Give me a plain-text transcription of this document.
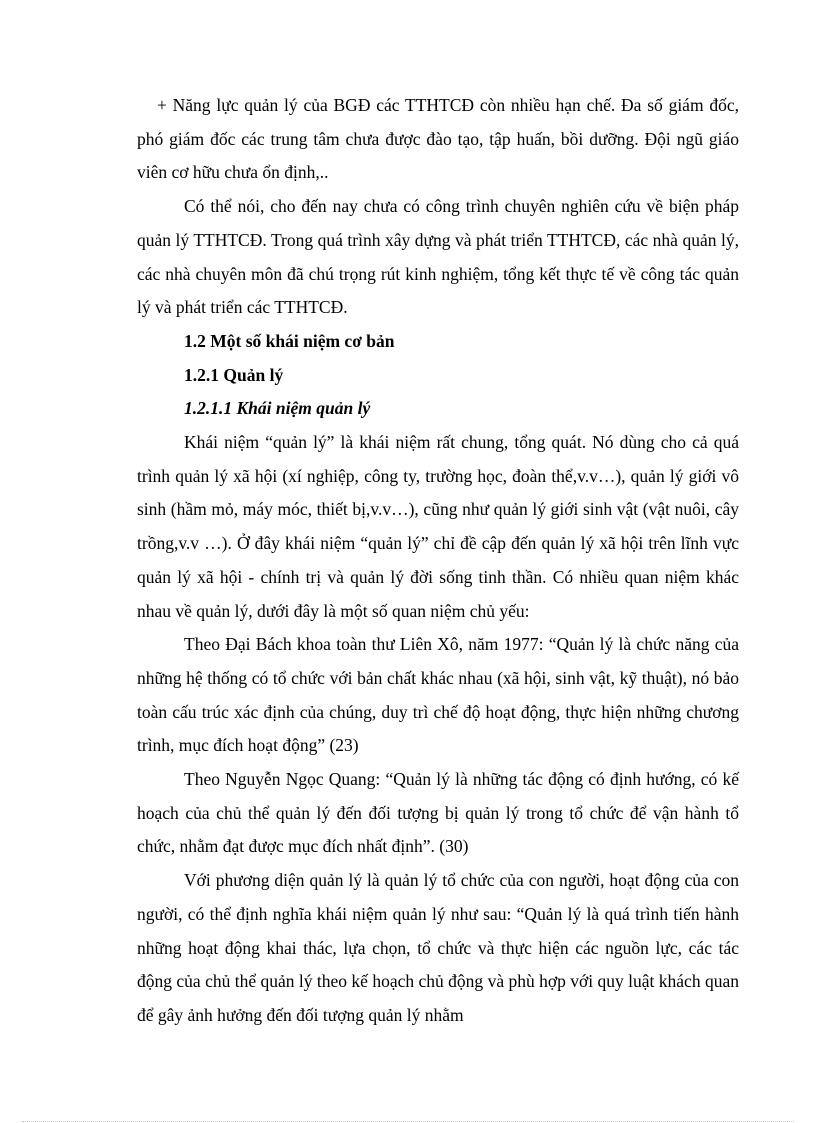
+ Năng lực quản lý của BGĐ các TTHTCĐ còn nhiều hạn chế. Đa số giám đốc, phó giám đốc các trung tâm chưa được đào tạo, tập huấn, bồi dưỡng. Đội ngũ giáo viên cơ hữu chưa ổn định,..

Có thể nói, cho đến nay chưa có công trình chuyên nghiên cứu về biện pháp quản lý TTHTCĐ. Trong quá trình xây dựng và phát triển TTHTCĐ, các nhà quản lý, các nhà chuyên môn đã chú trọng rút kinh nghiệm, tổng kết thực tế về công tác quản lý và phát triển các TTHTCĐ.

1.2 Một số khái niệm cơ bản

1.2.1 Quản lý

1.2.1.1 Khái niệm quản lý

Khái niệm “quản lý” là khái niệm rất chung, tổng quát. Nó dùng cho cả quá trình quản lý xã hội (xí nghiệp, công ty, trường học, đoàn thể,v.v…), quản lý giới vô sinh (hầm mỏ, máy móc, thiết bị,v.v…), cũng như quản lý giới sinh vật (vật nuôi, cây trồng,v.v …). Ở đây khái niệm “quản lý” chỉ đề cập đến quản lý xã hội trên lĩnh vực quản lý xã hội - chính trị và quản lý đời sống tinh thần. Có nhiều quan niệm khác nhau về quản lý, dưới đây là một số quan niệm chủ yếu:

Theo Đại Bách khoa toàn thư Liên Xô, năm 1977: “Quản lý là chức năng của những hệ thống có tổ chức với bản chất khác nhau (xã hội, sinh vật, kỹ thuật), nó bảo toàn cấu trúc xác định của chúng, duy trì chế độ hoạt động, thực hiện những chương trình, mục đích hoạt động” (23)

Theo Nguyễn Ngọc Quang: “Quản lý là những tác động có định hướng, có kế hoạch của chủ thể quản lý đến đối tượng bị quản lý trong tổ chức để vận hành tổ chức, nhằm đạt được mục đích nhất định”. (30)

Với phương diện quản lý là quản lý tổ chức của con người, hoạt động của con người, có thể định nghĩa khái niệm quản lý như sau: “Quản lý là quá trình tiến hành những hoạt động khai thác, lựa chọn, tổ chức và thực hiện các nguồn lực, các tác động của chủ thể quản lý theo kế hoạch chủ động và phù hợp với quy luật khách quan để gây ảnh hưởng đến đối tượng quản lý nhằm
